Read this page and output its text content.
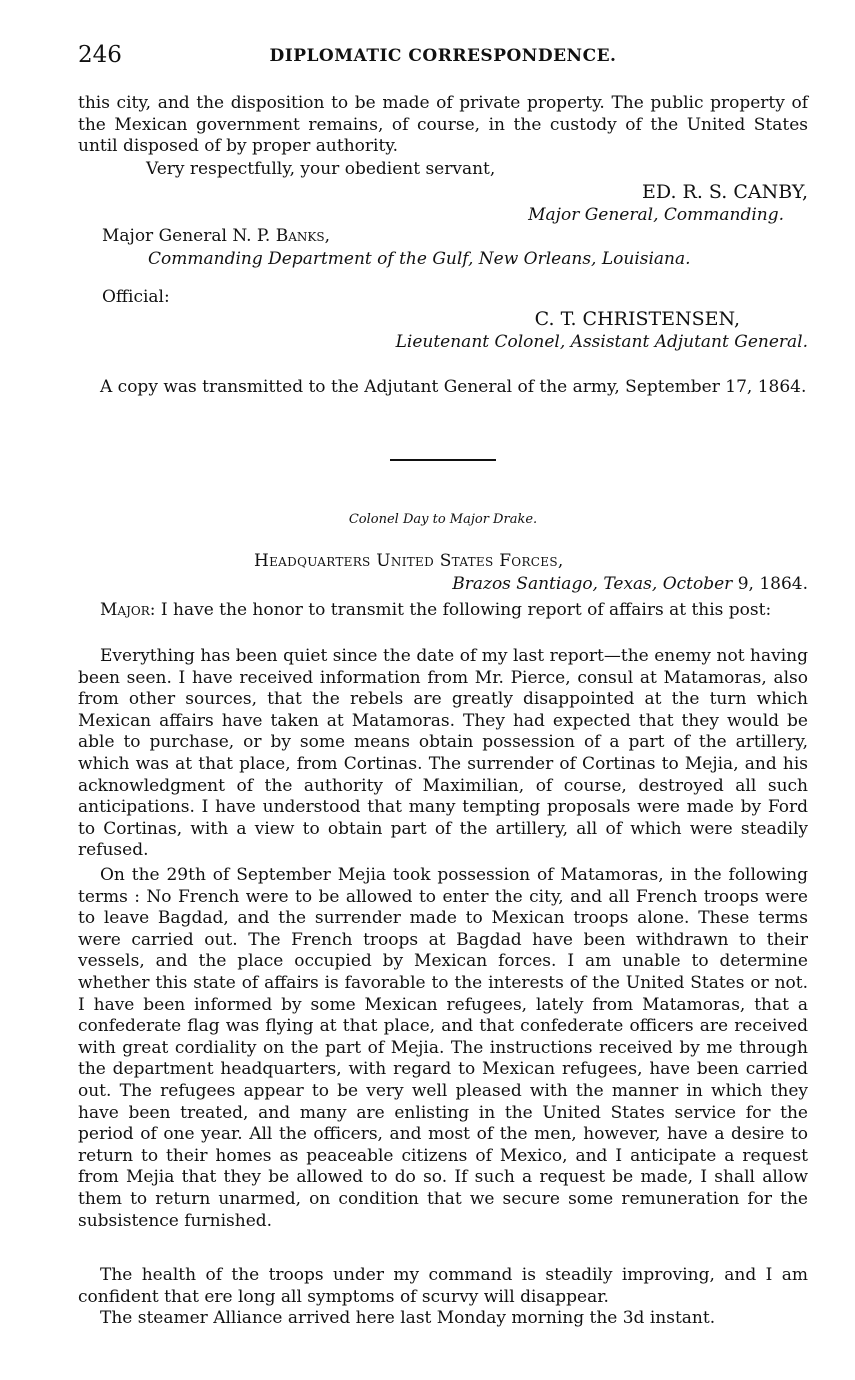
246	DIPLOMATIC CORRESPONDENCE.

this city, and the disposition to be made of private property. The public property of the Mexican government remains, of course, in the custody of the United States until disposed of by proper authority.

Very respectfully, your obedient servant,

ED. R. S. CANBY,

Major General, Commanding.

Major General N. P. Banks,

Commanding Department of the Gulf, New Orleans, Louisiana.

Official:

C. T. CHRISTENSEN,

Lieutenant Colonel, Assistant Adjutant General.

A copy was transmitted to the Adjutant General of the army, September 17, 1864.

Colonel Day to Major Drake.

Headquarters United States Forces,

Brazos Santiago, Texas, October 9, 1864.

Major: I have the honor to transmit the following report of affairs at this post:

Everything has been quiet since the date of my last report—the enemy not having been seen. I have received information from Mr. Pierce, consul at Matamoras, also from other sources, that the rebels are greatly disappointed at the turn which Mexican affairs have taken at Matamoras. They had expected that they would be able to purchase, or by some means obtain possession of a part of the artillery, which was at that place, from Cortinas. The surrender of Cortinas to Mejia, and his acknowledgment of the authority of Maximilian, of course, destroyed all such anticipations. I have understood that many tempting proposals were made by Ford to Cortinas, with a view to obtain part of the artillery, all of which were steadily refused.

On the 29th of September Mejia took possession of Matamoras, in the following terms : No French were to be allowed to enter the city, and all French troops were to leave Bagdad, and the surrender made to Mexican troops alone. These terms were carried out. The French troops at Bagdad have been withdrawn to their vessels, and the place occupied by Mexican forces. I am unable to determine whether this state of affairs is favorable to the interests of the United States or not. I have been informed by some Mexican refugees, lately from Matamoras, that a confederate flag was flying at that place, and that confederate officers are received with great cordiality on the part of Mejia. The instructions received by me through the department headquarters, with regard to Mexican refugees, have been carried out. The refugees appear to be very well pleased with the manner in which they have been treated, and many are enlisting in the United States service for the period of one year. All the officers, and most of the men, however, have a desire to return to their homes as peaceable citizens of Mexico, and I anticipate a request from Mejia that they be allowed to do so. If such a request be made, I shall allow them to return unarmed, on condition that we secure some remuneration for the subsistence furnished.

The health of the troops under my command is steadily improving, and I am confident that ere long all symptoms of scurvy will disappear.

The steamer Alliance arrived here last Monday morning the 3d instant.
